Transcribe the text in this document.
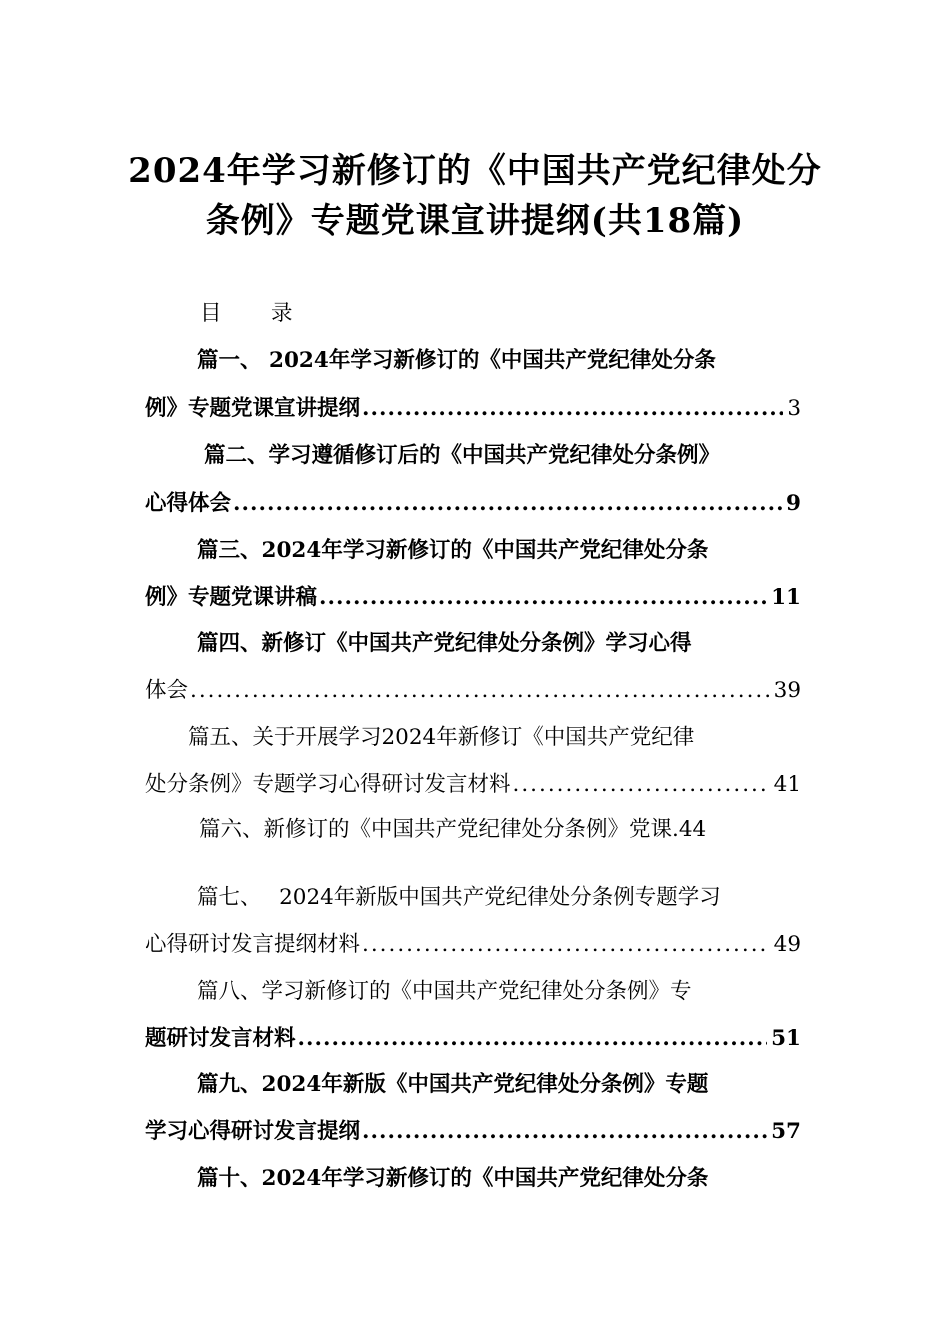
2024年学习新修订的《中国共产党纪律处分
条例》专题党课宣讲提纲(共18篇)
目　录
篇一、 2024年学习新修订的《中国共产党纪律处分条
例》专题党课宣讲提纲 .....	3
篇二、学习遵循修订后的《中国共产党纪律处分条例》
心得体会 .....	9
篇三、2024年学习新修订的《中国共产党纪律处分条
例》专题党课讲稿 .....	11
篇四、新修订《中国共产党纪律处分条例》学习心得
体会 .....	39
篇五、关于开展学习2024年新修订《中国共产党纪律
处分条例》专题学习心得研讨发言材料 .....	41
篇六、新修订的《中国共产党纪律处分条例》党课.44
篇七、　 2024年新版中国共产党纪律处分条例专题学习
心得研讨发言提纲材料 .....	49
篇八、学习新修订的《中国共产党纪律处分条例》专
题研讨发言材料 .....	51
篇九、2024年新版《中国共产党纪律处分条例》专题
学习心得研讨发言提纲 .....	57
篇十、2024年学习新修订的《中国共产党纪律处分条
